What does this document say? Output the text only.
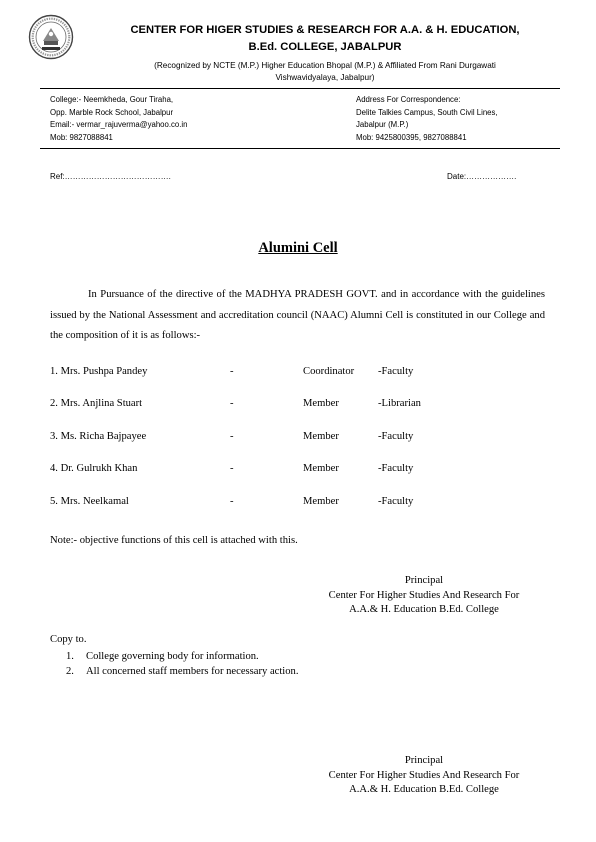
CENTER FOR HIGER STUDIES & RESEARCH FOR A.A. & H. EDUCATION,
B.Ed. COLLEGE, JABALPUR
(Recognized by NCTE (M.P.) Higher Education Bhopal (M.P.) & Affiliated From Rani Durgawati
Vishwavidyalaya, Jabalpur)
College:- Neemkheda, Gour Tiraha,
Opp. Marble Rock School, Jabalpur
Email:- vermar_rajuverma@yahoo.co.in
Mob: 9827088841
Address For Correspondence:
Delite Talkies Campus, South Civil Lines,
Jabalpur (M.P.)
Mob: 9425800395, 9827088841
Ref:………………………………….	Date:……………….
Alumini Cell
In Pursuance of the directive of the MADHYA PRADESH GOVT. and in accordance with the guidelines issued by the National Assessment and accreditation council (NAAC) Alumni Cell is constituted in our College and the composition of it is as follows:-
1. Mrs. Pushpa Pandey	-	Coordinator -Faculty
2. Mrs. Anjlina Stuart	-	Member	-Librarian
3. Ms. Richa Bajpayee	-	Member	-Faculty
4. Dr. Gulrukh Khan	-	Member	-Faculty
5. Mrs. Neelkamal	-	Member	-Faculty
Note:- objective functions of this cell is attached with this.
Principal
Center For Higher Studies And Research For
A.A.& H. Education B.Ed. College
Copy to.
1. College governing body for information.
2. All concerned staff members for necessary action.
Principal
Center For Higher Studies And Research For
A.A.& H. Education B.Ed. College
